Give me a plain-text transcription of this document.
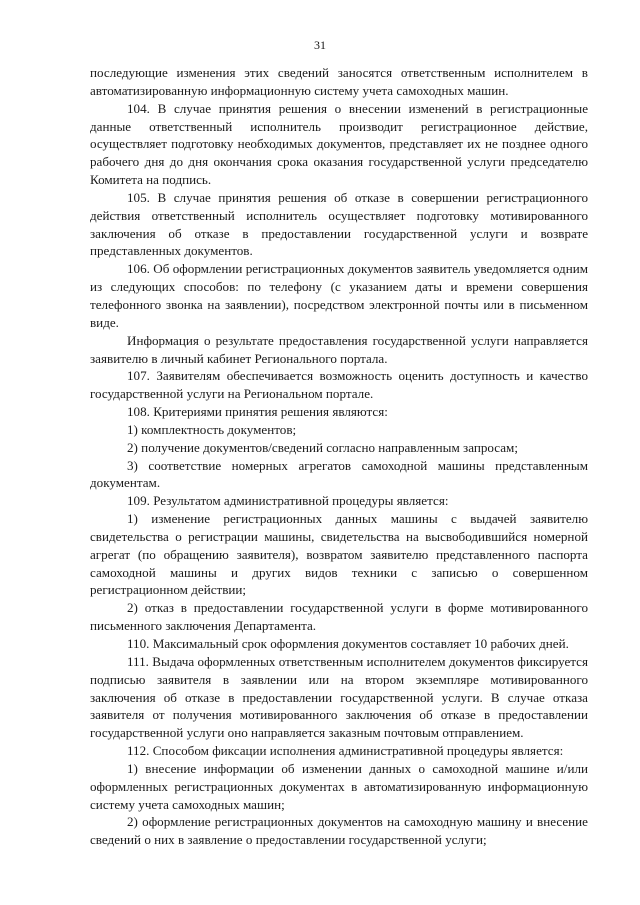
31

последующие изменения этих сведений заносятся ответственным исполнителем в автоматизированную информационную систему учета самоходных машин.

104. В случае принятия решения о внесении изменений в регистрационные данные ответственный исполнитель производит регистрационное действие, осуществляет подготовку необходимых документов, представляет их не позднее одного рабочего дня до дня окончания срока оказания государственной услуги председателю Комитета на подпись.

105. В случае принятия решения об отказе в совершении регистрационного действия ответственный исполнитель осуществляет подготовку мотивированного заключения об отказе в предоставлении государственной услуги и возврате представленных документов.

106. Об оформлении регистрационных документов заявитель уведомляется одним из следующих способов: по телефону (с указанием даты и времени совершения телефонного звонка на заявлении), посредством электронной почты или в письменном виде.

Информация о результате предоставления государственной услуги направляется заявителю в личный кабинет Регионального портала.

107. Заявителям обеспечивается возможность оценить доступность и качество государственной услуги на Региональном портале.

108. Критериями принятия решения являются:

1) комплектность документов;

2) получение документов/сведений согласно направленным запросам;

3) соответствие номерных агрегатов самоходной машины представленным документам.

109. Результатом административной процедуры является:

1) изменение регистрационных данных машины с выдачей заявителю свидетельства о регистрации машины, свидетельства на высвободившийся номерной агрегат (по обращению заявителя), возвратом заявителю представленного паспорта самоходной машины и других видов техники с записью о совершенном регистрационном действии;

2) отказ в предоставлении государственной услуги в форме мотивированного письменного заключения Департамента.

110. Максимальный срок оформления документов составляет 10 рабочих дней.

111. Выдача оформленных ответственным исполнителем документов фиксируется подписью заявителя в заявлении или на втором экземпляре мотивированного заключения об отказе в предоставлении государственной услуги. В случае отказа заявителя от получения мотивированного заключения об отказе в предоставлении государственной услуги оно направляется заказным почтовым отправлением.

112. Способом фиксации исполнения административной процедуры является:

1) внесение информации об изменении данных о самоходной машине и/или оформленных регистрационных документах в автоматизированную информационную систему учета самоходных машин;

2) оформление регистрационных документов на самоходную машину и внесение сведений о них в заявление о предоставлении государственной услуги;
